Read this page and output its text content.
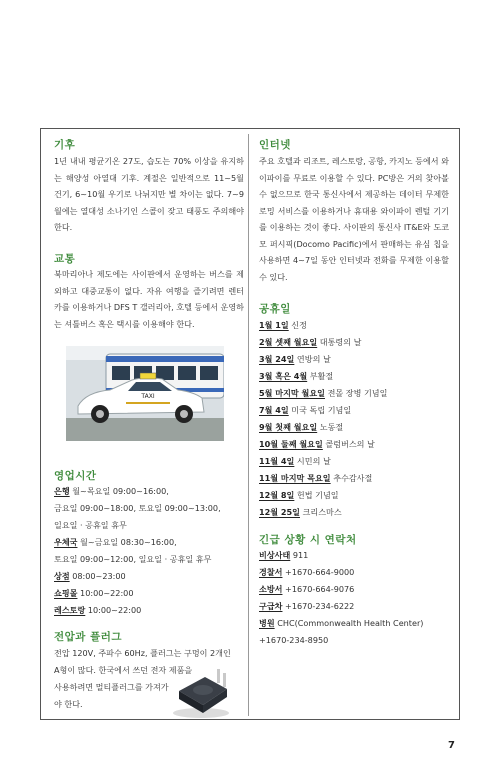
기후

1년 내내 평균기온 27도, 습도는 70% 이상을 유지하는 해양성 아열대 기후. 계절은 일반적으로 11~5월 건기, 6~10월 우기로 나뉘지만 별 차이는 없다. 7~9월에는 열대성 소나기인 스콜이 잦고 태풍도 주의해야 한다.

교통

북마리아나 제도에는 사이판에서 운영하는 버스를 제외하고 대중교통이 없다. 자유 여행을 즐기려면 렌터카를 이용하거나 DFS T 갤러리아, 호텔 등에서 운영하는 셔틀버스 혹은 택시를 이용해야 한다.

TAXI
영업시간
은행 월~목요일 09:00~16:00,
금요일 09:00~18:00, 토요일 09:00~13:00,
일요일 · 공휴일 휴무
우체국 월~금요일 08:30~16:00,
토요일 09:00~12:00, 일요일 · 공휴일 휴무
상점 08:00~23:00
쇼핑몰 10:00~22:00
레스토랑 10:00~22:00
전압과 플러그
전압 120V, 주파수 60Hz, 플러그는 구멍이 2개인
A형이 많다. 한국에서 쓰던 전자 제품을
사용하려면 멀티플러그를 가져가
야 한다.
인터넷

주요 호텔과 리조트, 레스토랑, 공항, 카지노 등에서 와이파이를 무료로 이용할 수 있다. PC방은 거의 찾아볼 수 없으므로 한국 통신사에서 제공하는 데이터 무제한 로밍 서비스를 이용하거나 휴대용 와이파이 렌털 기기를 이용하는 것이 좋다. 사이판의 통신사 IT&E와 도코모 퍼시픽(Docomo Pacific)에서 판매하는 유심 칩을 사용하면 4~7일 동안 인터넷과 전화를 무제한 이용할 수 있다.

공휴일
1월 1일 신정
2월 셋째 월요일 대통령의 날
3월 24일 연방의 날
3월 혹은 4월 부활절
5월 마지막 월요일 전몰 장병 기념일
7월 4일 미국 독립 기념일
9월 첫째 월요일 노동절
10월 둘째 월요일 콜럼버스의 날
11월 4일 시민의 날
11월 마지막 목요일 추수감사절
12월 8일 헌법 기념일
12월 25일 크리스마스
긴급 상황 시 연락처
비상사태 911
경찰서 +1670-664-9000
소방서 +1670-664-9076
구급차 +1670-234-6222
병원 CHC(Commonwealth Health Center)
+1670-234-8950
7
